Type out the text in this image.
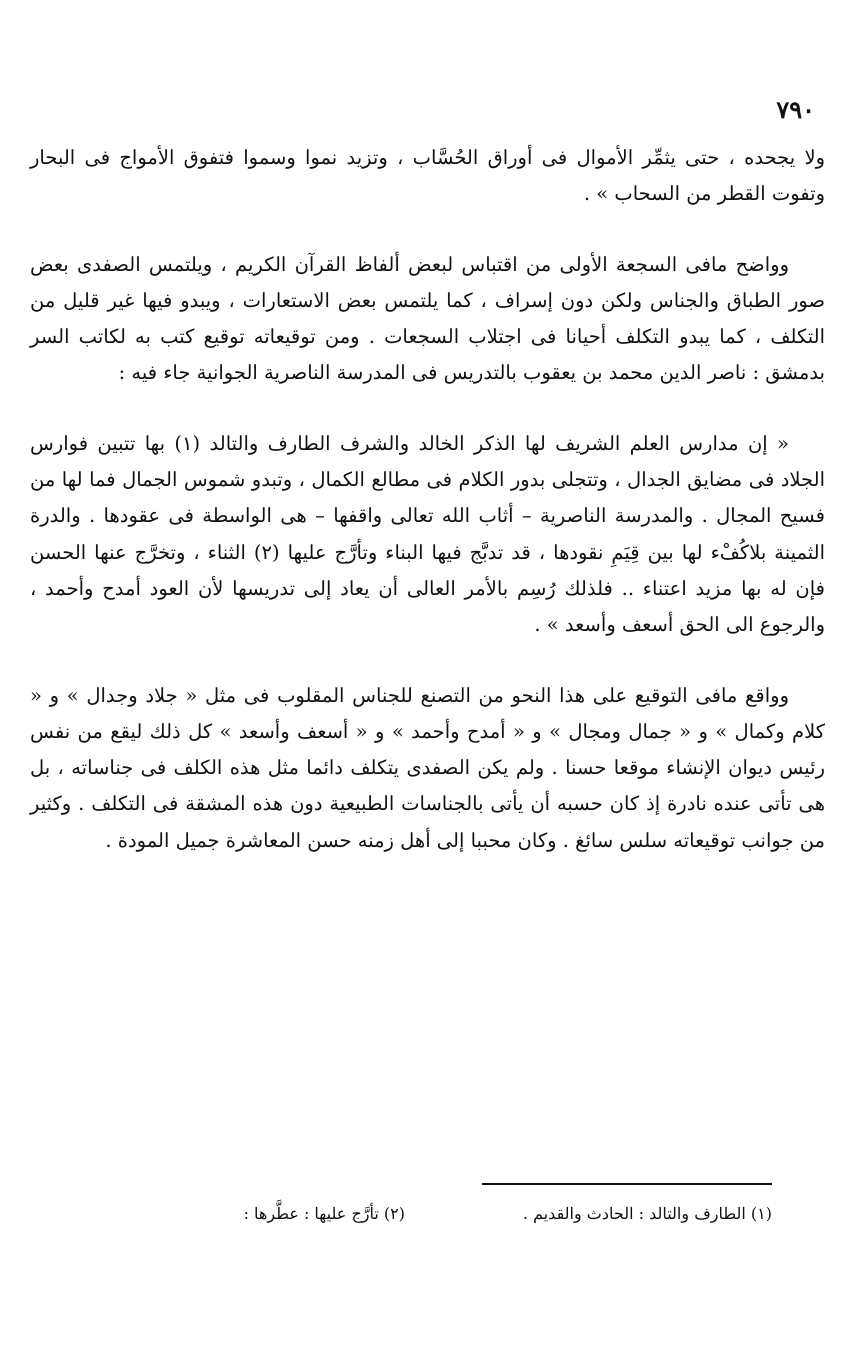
٧٩٠

ولا يجحده ، حتى يثمِّر الأموال فى أوراق الحُسَّاب ، وتزيد نموا وسموا فتفوق الأمواج فى البحار وتفوت القطر من السحاب » .

وواضح مافى السجعة الأولى من اقتباس لبعض ألفاظ القرآن الكريم ، ويلتمس الصفدى بعض صور الطباق والجناس ولكن دون إسراف ، كما يلتمس بعض الاستعارات ، ويبدو فيها غير قليل من التكلف ، كما يبدو التكلف أحيانا فى اجتلاب السجعات . ومن توقيعاته توقيع كتب به لكاتب السر بدمشق : ناصر الدين محمد بن يعقوب بالتدريس فى المدرسة الناصرية الجوانية جاء فيه :

« إن مدارس العلم الشريف لها الذكر الخالد والشرف الطارف والتالد (١) بها تتبين فوارس الجلاد فى مضايق الجدال ، وتتجلى بدور الكلام فى مطالع الكمال ، وتبدو شموس الجمال فما لها من فسيح المجال . والمدرسة الناصرية – أثاب الله تعالى واقفها – هى الواسطة فى عقودها . والدرة الثمينة بلاكُفْء لها بين قِيَمِ نقودها ، قد تدبَّج فيها البناء وتأرَّج عليها (٢) الثناء ، وتخرَّج عنها الحسن فإن له بها مزيد اعتناء .. فلذلك رُسِم بالأمر العالى أن يعاد إلى تدريسها لأن العود أمدح وأحمد ، والرجوع الى الحق أسعف وأسعد » .

وواقع مافى التوقيع على هذا النحو من التصنع للجناس المقلوب فى مثل « جلاد وجدال » و « كلام وكمال » و « جمال ومجال » و « أمدح وأحمد » و « أسعف وأسعد » كل ذلك ليقع من نفس رئيس ديوان الإنشاء موقعا حسنا . ولم يكن الصفدى يتكلف دائما مثل هذه الكلف فى جناساته ، بل هى تأتى عنده نادرة إذ كان حسبه أن يأتى بالجناسات الطبيعية دون هذه المشقة فى التكلف . وكثير من جوانب توقيعاته سلس سائغ . وكان محببا إلى أهل زمنه حسن المعاشرة جميل المودة .

(١) الطارف والتالد : الحادث والقديم .
(٢) تأرَّج عليها : عطَّرها :
